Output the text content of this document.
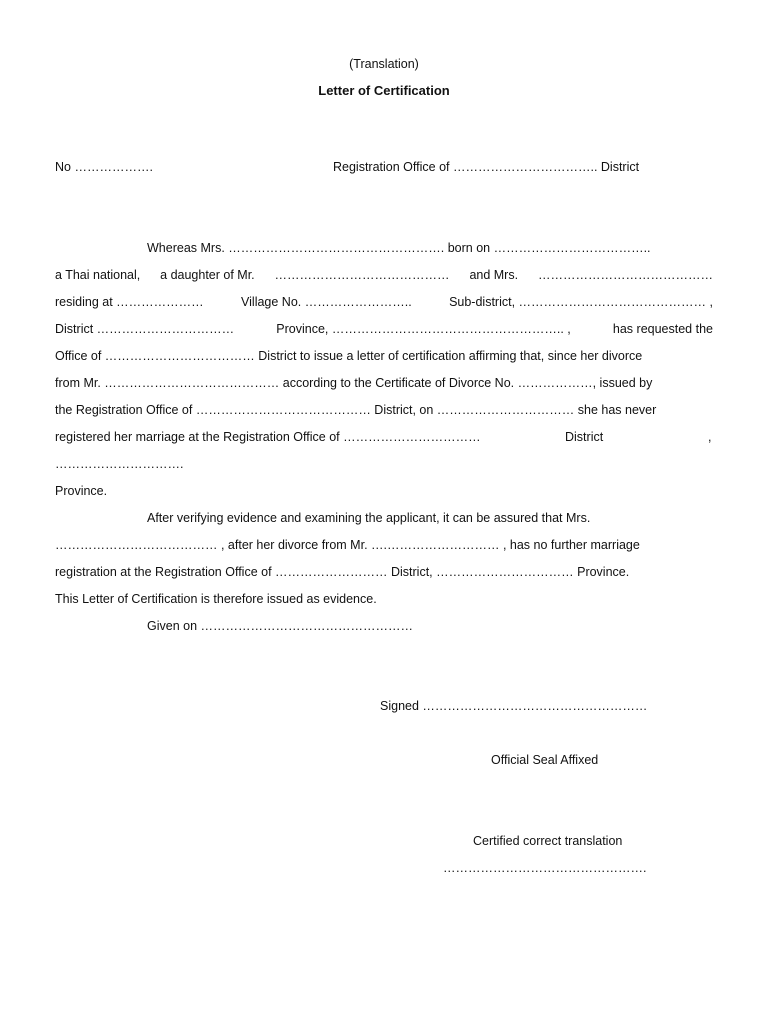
(Translation)
Letter of Certification
No ……………….	Registration Office of …………………………….. District
Whereas Mrs. ……………………………………………. born on ………………………………..
a Thai national, a daughter of Mr. …………………………………… and Mrs. ……………………………………
residing at …………………	Village No. ……………………..	Sub-district, ……………………………………… ,
District ……………………………	Province, ……………………………………………….. ,	has requested the
Office of ……………………………… District to issue a letter of certification affirming that, since her divorce
from Mr. …………………………………… according to the Certificate of Divorce No. ………………, issued by
the Registration Office of …………………………………… District, on …………………………… she has never
registered her marriage at the Registration Office of ……………………………	District	,
………………………….
Province.
After verifying evidence and examining the applicant, it can be assured that Mrs.
………………………………… , after her divorce from Mr. ….……………………… , has no further marriage
registration at the Registration Office of ……………………… District, …………………………… Province.
This Letter of Certification is therefore issued as evidence.
Given on ……………………………………………
Signed ………………………………………………
Official Seal Affixed
Certified correct translation
………………………………………….
